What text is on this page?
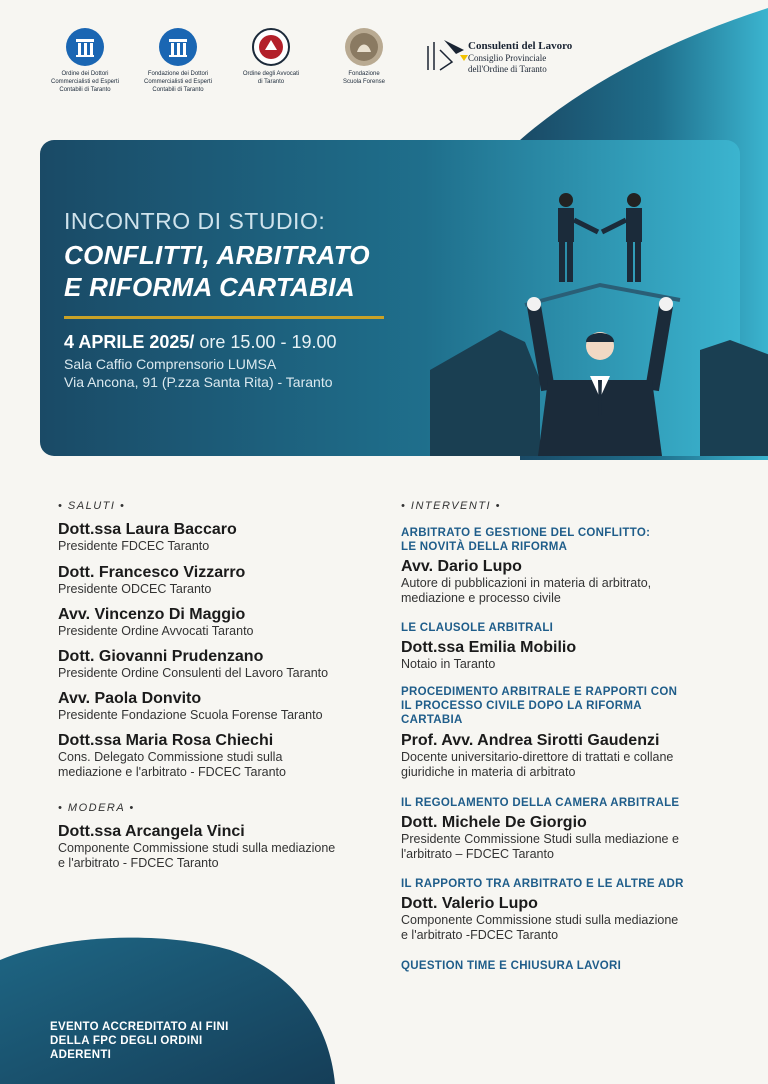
Ordine dei Dottori
Commercialisti ed Esperti
Contabili di Taranto
Fondazione dei Dottori
Commercialisti ed Esperti
Contabili di Taranto
Ordine degli Avvocati
di Taranto
Fondazione
Scuola Forense
Consulenti del Lavoro
Consiglio Provinciale
dell'Ordine di Taranto
INCONTRO DI STUDIO:
CONFLITTI, ARBITRATO
E RIFORMA CARTABIA
4 APRILE 2025/ ore 15.00 - 19.00
Sala Caffio Comprensorio LUMSA
Via Ancona, 91 (P.zza Santa Rita) - Taranto
• SALUTI •
Dott.ssa Laura Baccaro
Presidente FDCEC Taranto
Dott. Francesco Vizzarro
Presidente ODCEC Taranto
Avv. Vincenzo Di Maggio
Presidente Ordine Avvocati Taranto
Dott. Giovanni Prudenzano
Presidente Ordine Consulenti del Lavoro Taranto
Avv. Paola Donvito
Presidente Fondazione Scuola Forense Taranto
Dott.ssa Maria Rosa Chiechi
Cons. Delegato Commissione studi sulla
mediazione e l'arbitrato - FDCEC Taranto
• MODERA •
Dott.ssa Arcangela Vinci
Componente Commissione studi sulla mediazione
e l'arbitrato - FDCEC Taranto
• INTERVENTI •
ARBITRATO E GESTIONE DEL CONFLITTO:
LE NOVITÀ DELLA RIFORMA
Avv. Dario Lupo
Autore di pubblicazioni in materia di arbitrato,
mediazione e processo civile
LE CLAUSOLE ARBITRALI
Dott.ssa Emilia Mobilio
Notaio in Taranto
PROCEDIMENTO ARBITRALE E RAPPORTI CON
IL PROCESSO CIVILE DOPO LA RIFORMA
CARTABIA
Prof. Avv. Andrea Sirotti Gaudenzi
Docente universitario-direttore di trattati e collane
giuridiche in materia di arbitrato
IL REGOLAMENTO DELLA CAMERA ARBITRALE
Dott. Michele De Giorgio
Presidente Commissione Studi sulla mediazione e
l'arbitrato – FDCEC Taranto
IL RAPPORTO TRA ARBITRATO E LE ALTRE ADR
Dott. Valerio Lupo
Componente Commissione studi sulla mediazione
e l'arbitrato -FDCEC Taranto
QUESTION TIME E CHIUSURA LAVORI
EVENTO ACCREDITATO AI FINI
DELLA FPC DEGLI ORDINI
ADERENTI
